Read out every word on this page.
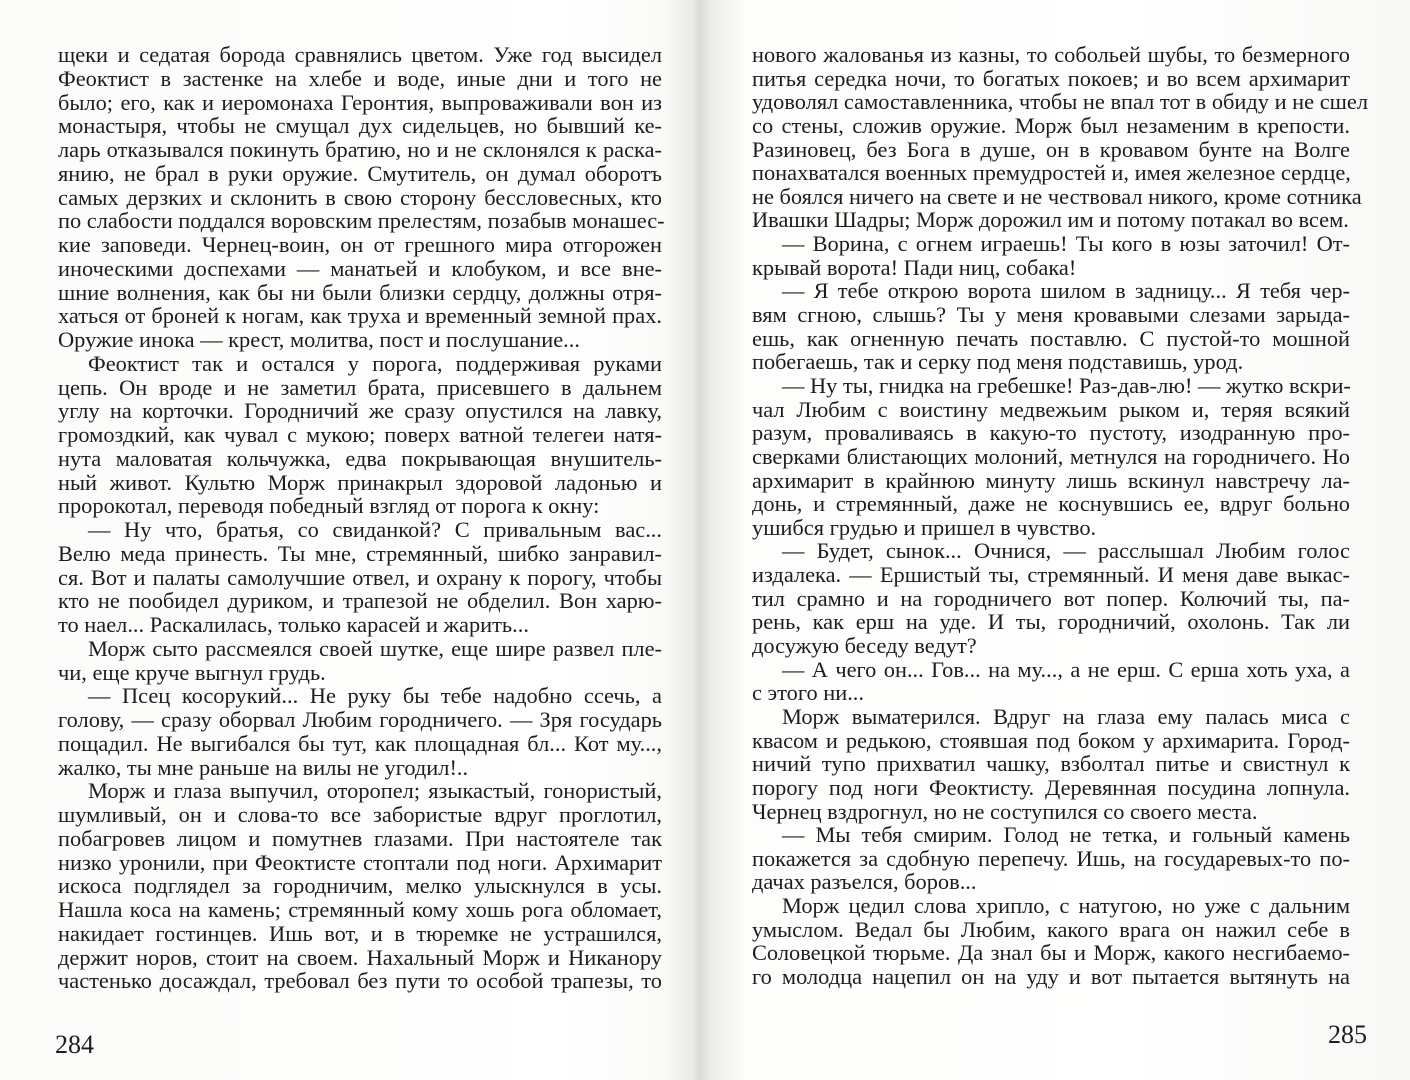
щеки и седатая борода сравнялись цветом. Уже год высидел
Феоктист в застенке на хлебе и воде, иные дни и того не
было; его, как и иеромонаха Геронтия, выпроваживали вон из
монастыря, чтобы не смущал дух сидельцев, но бывший ке-
ларь отказывался покинуть братию, но и не склонялся к раска-
янию, не брал в руки оружие. Смутитель, он думал оборотъ
самых дерзких и склонить в свою сторону бессловесных, кто
по слабости поддался воровским прелестям, позабыв монашес-
кие заповеди. Чернец-воин, он от грешного мира отгорожен
иноческими доспехами — манатьей и клобуком, и все вне-
шние волнения, как бы ни были близки сердцу, должны отря-
хаться от броней к ногам, как труха и временный земной прах.
Оружие инока — крест, молитва, пост и послушание...
Феоктист так и остался у порога, поддерживая руками
цепь. Он вроде и не заметил брата, присевшего в дальнем
углу на корточки. Городничий же сразу опустился на лавку,
громоздкий, как чувал с мукою; поверх ватной телегеи натя-
нута маловатая кольчужка, едва покрывающая внушитель-
ный живот. Культю Морж принакрыл здоровой ладонью и
пророкотал, переводя победный взгляд от порога к окну:
— Ну что, братья, со свиданкой? С привальным вас...
Велю меда принесть. Ты мне, стремянный, шибко занравил-
ся. Вот и палаты самолучшие отвел, и охрану к порогу, чтобы
кто не пообидел дуриком, и трапезой не обделил. Вон харю-
то наел... Раскалилась, только карасей и жарить...
Морж сыто рассмеялся своей шутке, еще шире развел пле-
чи, еще круче выгнул грудь.
— Псец косорукий... Не руку бы тебе надобно ссечь, а
голову, — сразу оборвал Любим городничего. — Зря государь
пощадил. Не выгибался бы тут, как площадная бл... Кот му...,
жалко, ты мне раньше на вилы не угодил!..
Морж и глаза выпучил, оторопел; языкастый, гонористый,
шумливый, он и слова-то все забористые вдруг проглотил,
побагровев лицом и помутнев глазами. При настоятеле так
низко уронили, при Феоктисте стоптали под ноги. Архимарит
искоса подглядел за городничим, мелко улыскнулся в усы.
Нашла коса на камень; стремянный кому хошь рога обломает,
накидает гостинцев. Ишь вот, и в тюремке не устрашился,
держит норов, стоит на своем. Нахальный Морж и Никанору
частенько досаждал, требовал без пути то особой трапезы, то
нового жалованья из казны, то собольей шубы, то безмерного
питья середка ночи, то богатых покоев; и во всем архимарит
удоволял самоставленника, чтобы не впал тот в обиду и не сшел
со стены, сложив оружие. Морж был незаменим в крепости.
Разиновец, без Бога в душе, он в кровавом бунте на Волге
понахватался военных премудростей и, имея железное сердце,
не боялся ничего на свете и не чествовал никого, кроме сотника
Ивашки Шадры; Морж дорожил им и потому потакал во всем.
— Ворина, с огнем играешь! Ты кого в юзы заточил! От-
крывай ворота! Пади ниц, собака!
— Я тебе открою ворота шилом в задницу... Я тебя чер-
вям сгною, слышь? Ты у меня кровавыми слезами зарыда-
ешь, как огненную печать поставлю. С пустой-то мошной
побегаешь, так и серку под меня подставишь, урод.
— Ну ты, гнидка на гребешке! Раз-дав-лю! — жутко вскри-
чал Любим с воистину медвежьим рыком и, теряя всякий
разум, проваливаясь в какую-то пустоту, изодранную про-
сверками блистающих молоний, метнулся на городничего. Но
архимарит в крайнюю минуту лишь вскинул навстречу ла-
донь, и стремянный, даже не коснувшись ее, вдруг больно
ушибся грудью и пришел в чувство.
— Будет, сынок... Очнися, — расслышал Любим голос
издалека. — Ершистый ты, стремянный. И меня даве выкас-
тил срамно и на городничего вот попер. Колючий ты, па-
рень, как ерш на уде. И ты, городничий, охолонь. Так ли
досужую беседу ведут?
— А чего он... Гов... на му..., а не ерш. С ерша хоть уха, а
с этого ни...
Морж выматерился. Вдруг на глаза ему палась миса с
квасом и редькою, стоявшая под боком у архимарита. Город-
ничий тупо прихватил чашку, взболтал питье и свистнул к
порогу под ноги Феоктисту. Деревянная посудина лопнула.
Чернец вздрогнул, но не соступился со своего места.
— Мы тебя смирим. Голод не тетка, и гольный камень
покажется за сдобную перепечу. Ишь, на государевых-то по-
дачах разъелся, боров...
Морж цедил слова хрипло, с натугою, но уже с дальним
умыслом. Ведал бы Любим, какого врага он нажил себе в
Соловецкой тюрьме. Да знал бы и Морж, какого несгибаемо-
го молодца нацепил он на уду и вот пытается вытянуть на
284	285
